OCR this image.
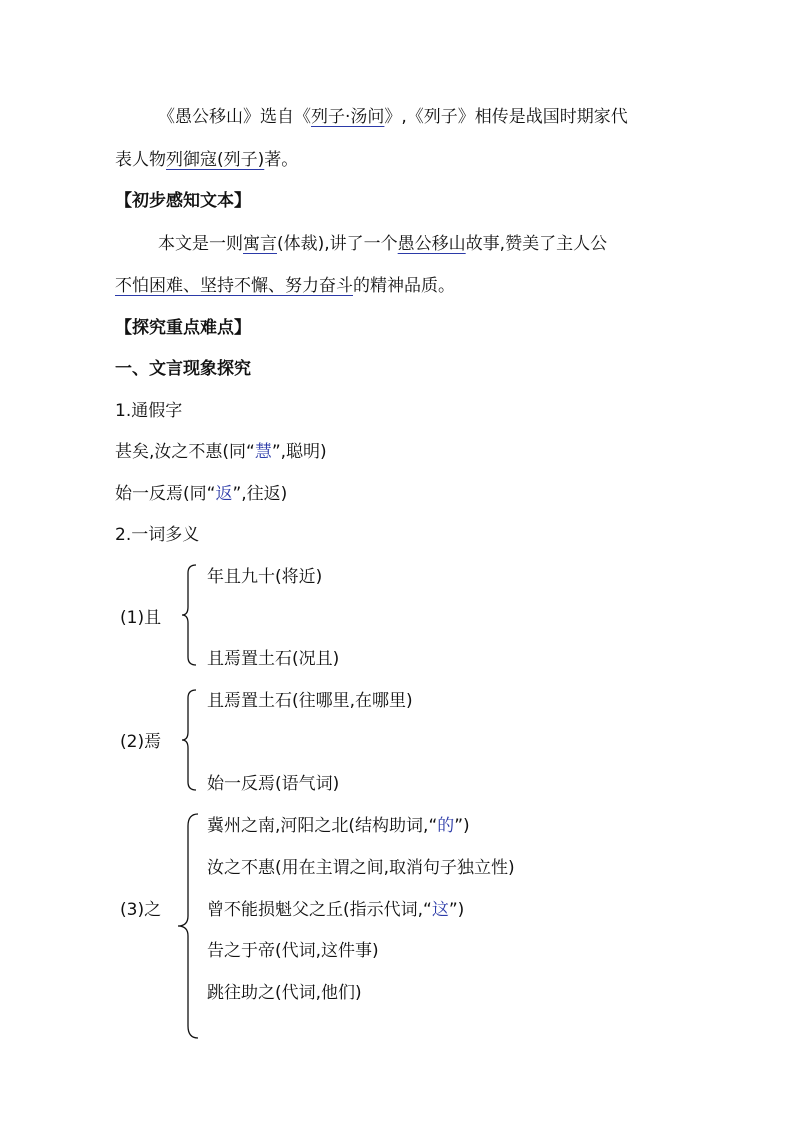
《愚公移山》选自《列子·汤问》,《列子》相传是战国时期家代
表人物列御寇(列子)著。
【初步感知文本】
本文是一则寓言(体裁),讲了一个愚公移山故事,赞美了主人公
不怕困难、坚持不懈、努力奋斗的精神品质。
【探究重点难点】
一、文言现象探究
1.通假字
甚矣,汝之不惠(同“慧”,聪明)
始一反焉(同“返”,往返)
2.一词多义
(1)且
年且九十(将近)
且焉置土石(况且)
(2)焉
且焉置土石(往哪里,在哪里)
始一反焉(语气词)
(3)之
冀州之南,河阳之北(结构助词,“的”)
汝之不惠(用在主谓之间,取消句子独立性)
曾不能损魁父之丘(指示代词,“这”)
告之于帝(代词,这件事)
跳往助之(代词,他们)
